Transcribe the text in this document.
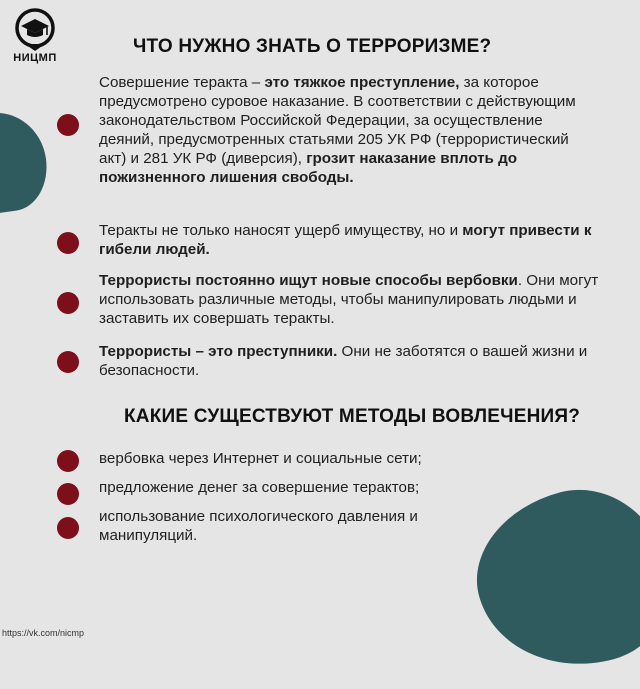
НИЦМП
ЧТО НУЖНО ЗНАТЬ О ТЕРРОРИЗМЕ?

Совершение теракта – это тяжкое преступление, за которое предусмотрено суровое наказание. В соответствии с действующим законодательством Российской Федерации, за осуществление деяний, предусмотренных статьями 205 УК РФ (террористический акт) и 281 УК РФ (диверсия), грозит наказание вплоть до пожизненного лишения свободы.

Теракты не только наносят ущерб имуществу, но и могут привести к гибели людей.

Террористы постоянно ищут новые способы вербовки. Они могут использовать различные методы, чтобы манипулировать людьми и заставить их совершать теракты.

Террористы – это преступники. Они не заботятся о вашей жизни и безопасности.

КАКИЕ СУЩЕСТВУЮТ МЕТОДЫ ВОВЛЕЧЕНИЯ?

вербовка через Интернет и социальные сети;

предложение денег за совершение терактов;

использование психологического давления и манипуляций.

https://vk.com/nicmp
